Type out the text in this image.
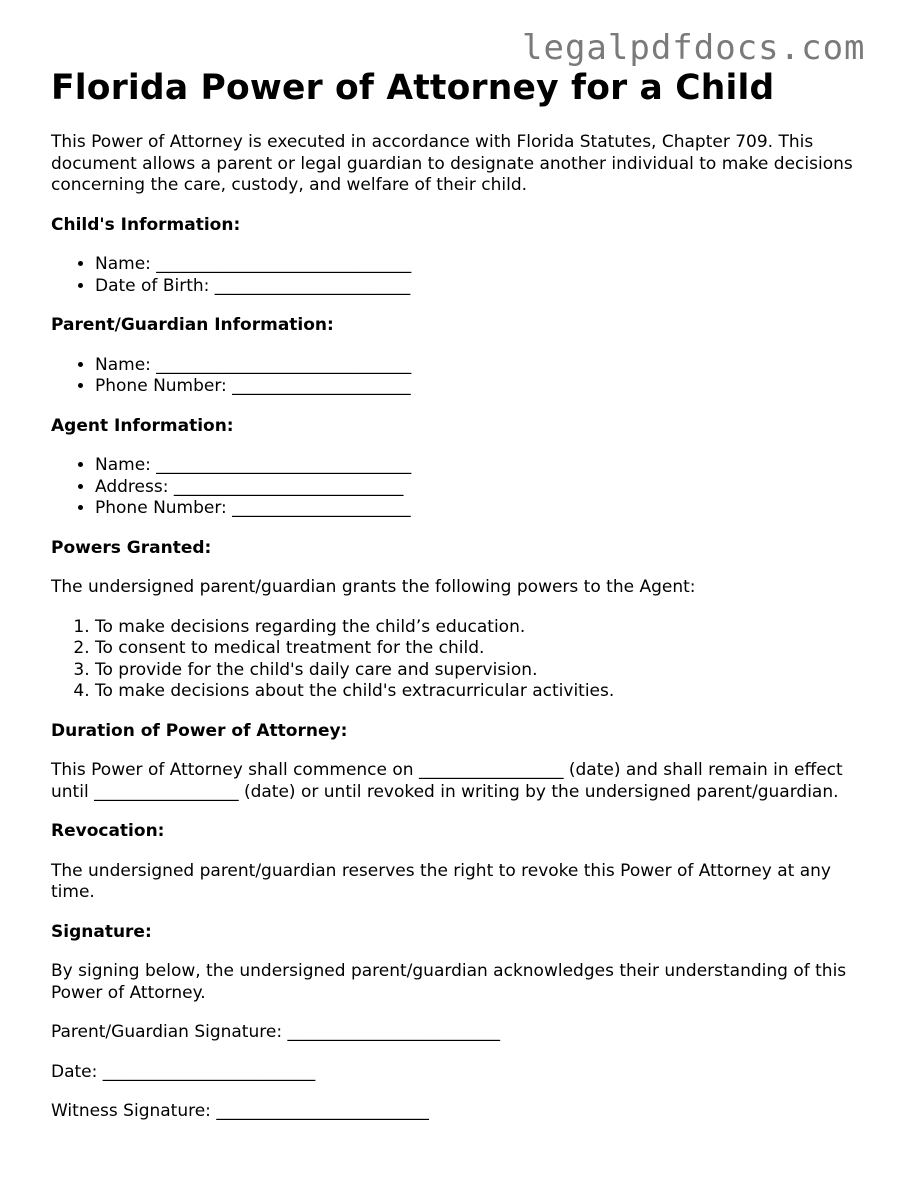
legalpdfdocs.com
Florida Power of Attorney for a Child

This Power of Attorney is executed in accordance with Florida Statutes, Chapter 709. This document allows a parent or legal guardian to designate another individual to make decisions concerning the care, custody, and welfare of their child.

Child's Information:
• Name: ______________________________
• Date of Birth: _______________________
Parent/Guardian Information:
• Name: ______________________________
• Phone Number: _____________________
Agent Information:
• Name: ______________________________
• Address: ___________________________
• Phone Number: _____________________
Powers Granted:

The undersigned parent/guardian grants the following powers to the Agent:

1. To make decisions regarding the child’s education.
2. To consent to medical treatment for the child.
3. To provide for the child's daily care and supervision.
4. To make decisions about the child's extracurricular activities.
Duration of Power of Attorney:

This Power of Attorney shall commence on _________________ (date) and shall remain in effect until _________________ (date) or until revoked in writing by the undersigned parent/guardian.

Revocation:

The undersigned parent/guardian reserves the right to revoke this Power of Attorney at any time.

Signature:

By signing below, the undersigned parent/guardian acknowledges their understanding of this Power of Attorney.

Parent/Guardian Signature: _________________________

Date: _________________________

Witness Signature: _________________________
